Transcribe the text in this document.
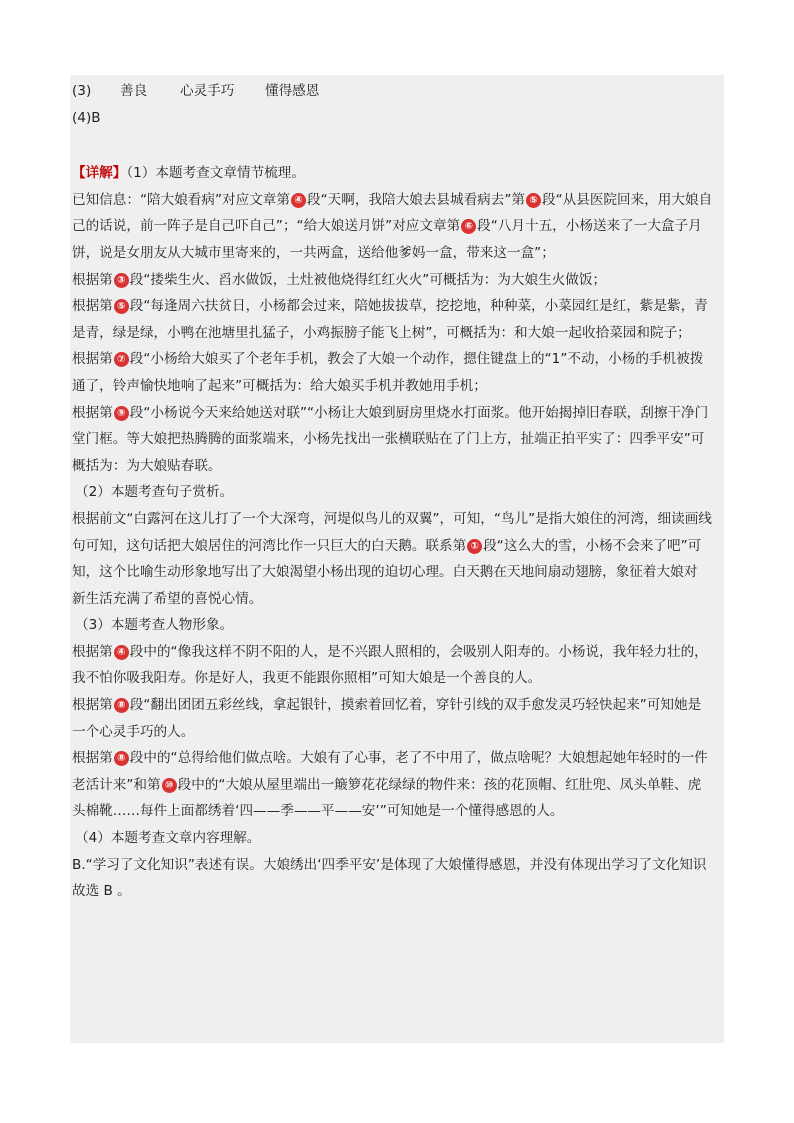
(3) 善良 心灵手巧 懂得感恩
(4)B
【详解】（1）本题考查文章情节梳理。
已知信息：“陪大娘看病”对应文章第 ④ 段“天啊，我陪大娘去县城看病去”第 ⑤ 段“从县医院回来，用大娘自
己的话说，前一阵子是自己吓自己”；“给大娘送月饼”对应文章第 ⑥ 段“八月十五，小杨送来了一大盒子月
饼，说是女朋友从大城市里寄来的，一共两盒，送给他爹妈一盒，带来这一盒”；
根据第 ③ 段“搂柴生火、舀水做饭，土灶被他烧得红红火火”可概括为：为大娘生火做饭；
根据第 ⑤ 段“每逢周六扶贫日，小杨都会过来，陪她拔拔草，挖挖地，种种菜，小菜园红是红，紫是紫，青
是青，绿是绿，小鸭在池塘里扎猛子，小鸡振膀子能飞上树”，可概括为：和大娘一起收拾菜园和院子；
根据第 ⑦ 段“小杨给大娘买了个老年手机，教会了大娘一个动作，摁住键盘上的“1”不动，小杨的手机被拨
通了，铃声愉快地响了起来”可概括为：给大娘买手机并教她用手机；
根据第 ⑨ 段“小杨说今天来给她送对联”“小杨让大娘到厨房里烧水打面浆。他开始揭掉旧春联，刮擦干净门
堂门框。等大娘把热腾腾的面浆端来，小杨先找出一张横联贴在了门上方，扯端正拍平实了：四季平安”可
概括为：为大娘贴春联。
（2）本题考查句子赏析。
根据前文“白露河在这儿打了一个大深弯，河堤似鸟儿的双翼”，可知，“鸟儿”是指大娘住的河湾，细读画线
句可知，这句话把大娘居住的河湾比作一只巨大的白天鹅。联系第 ① 段“这么大的雪，小杨不会来了吧”可
知，这个比喻生动形象地写出了大娘渴望小杨出现的迫切心理。白天鹅在天地间扇动翅膀，象征着大娘对
新生活充满了希望的喜悦心情。
（3）本题考查人物形象。
根据第 ④ 段中的“像我这样不阴不阳的人，是不兴跟人照相的，会吸别人阳寿的。小杨说，我年轻力壮的，
我不怕你吸我阳寿。你是好人，我更不能跟你照相”可知大娘是一个善良的人。
根据第 ⑧ 段“翻出团团五彩丝线，拿起银针，摸索着回忆着，穿针引线的双手愈发灵巧轻快起来”可知她是
一个心灵手巧的人。
根据第 ⑧ 段中的“总得给他们做点啥。大娘有了心事，老了不中用了，做点啥呢？大娘想起她年轻时的一件
老活计来”和第 ⑩ 段中的“大娘从屋里端出一簸箩花花绿绿的物件来：孩的花顶帽、红肚兜、凤头单鞋、虎
头棉靴……每件上面都绣着‘四——季——平——安’”可知她是一个懂得感恩的人。
（4）本题考查文章内容理解。
B.“学习了文化知识”表述有误。大娘绣出‘四季平安’是体现了大娘懂得感恩，并没有体现出学习了文化知识
故选 B 。
